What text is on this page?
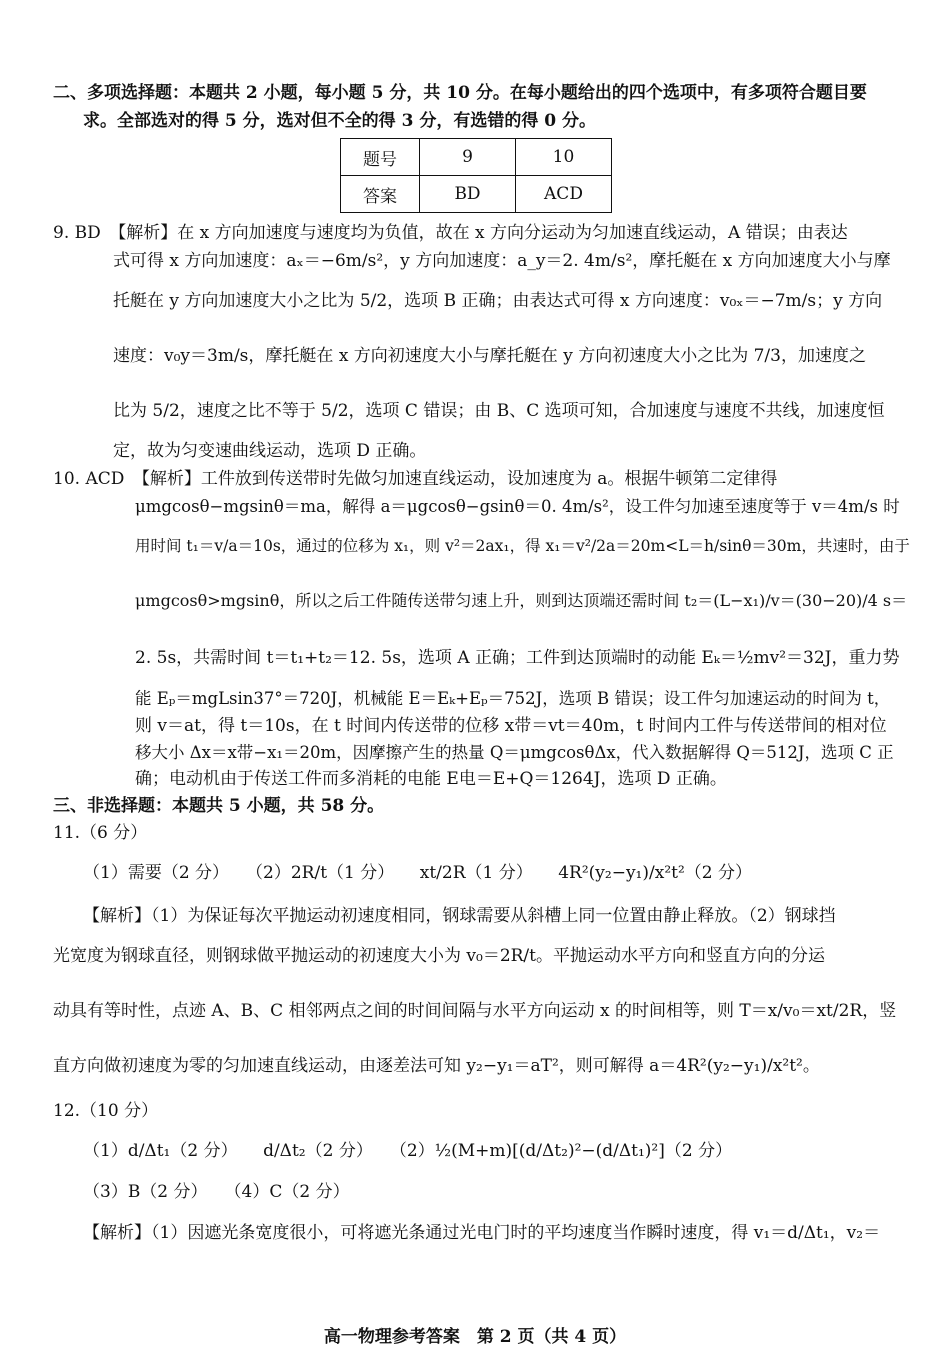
二、多项选择题：本题共 2 小题，每小题 5 分，共 10 分。在每小题给出的四个选项中，有多项符合题目要
求。全部选对的得 5 分，选对但不全的得 3 分，有选错的得 0 分。
题号	9	10
答案	BD	ACD
9. BD　【解析】在 x 方向加速度与速度均为负值，故在 x 方向分运动为匀加速直线运动，A 错误；由表达
式可得 x 方向加速度：aₓ＝−6m/s²，y 方向加速度：a_y＝2. 4m/s²，摩托艇在 x 方向加速度大小与摩
托艇在 y 方向加速度大小之比为 5/2，选项 B 正确；由表达式可得 x 方向速度：v₀ₓ＝−7m/s；y 方向
速度：v₀y＝3m/s，摩托艇在 x 方向初速度大小与摩托艇在 y 方向初速度大小之比为 7/3，加速度之
比为 5/2，速度之比不等于 5/2，选项 C 错误；由 B、C 选项可知，合加速度与速度不共线，加速度恒
定，故为匀变速曲线运动，选项 D 正确。
10. ACD　【解析】工件放到传送带时先做匀加速直线运动，设加速度为 a。根据牛顿第二定律得
μmgcosθ−mgsinθ＝ma，解得 a＝μgcosθ−gsinθ＝0. 4m/s²，设工件匀加速至速度等于 v＝4m/s 时
用时间 t₁＝v/a＝10s，通过的位移为 x₁，则 v²＝2ax₁，得 x₁＝v²/2a＝20m<L＝h/sinθ＝30m，共速时，由于
μmgcosθ>mgsinθ，所以之后工件随传送带匀速上升，则到达顶端还需时间 t₂＝(L−x₁)/v＝(30−20)/4 s＝
2. 5s，共需时间 t＝t₁+t₂＝12. 5s，选项 A 正确；工件到达顶端时的动能 Eₖ＝½mv²＝32J，重力势
能 Eₚ＝mgLsin37°＝720J，机械能 E＝Eₖ+Eₚ＝752J，选项 B 错误；设工件匀加速运动的时间为 t，
则 v＝at，得 t＝10s，在 t 时间内传送带的位移 x带＝vt＝40m，t 时间内工件与传送带间的相对位
移大小 Δx＝x带−x₁＝20m，因摩擦产生的热量 Q＝μmgcosθΔx，代入数据解得 Q＝512J，选项 C 正
确；电动机由于传送工件而多消耗的电能 E电＝E+Q＝1264J，选项 D 正确。
三、非选择题：本题共 5 小题，共 58 分。
11.（6 分）
（1）需要（2 分）　　（2）2R/t（1 分）　　xt/2R（1 分）　　4R²(y₂−y₁)/x²t²（2 分）
【解析】（1）为保证每次平抛运动初速度相同，钢球需要从斜槽上同一位置由静止释放。（2）钢球挡
光宽度为钢球直径，则钢球做平抛运动的初速度大小为 v₀＝2R/t。平抛运动水平方向和竖直方向的分运
动具有等时性，点迹 A、B、C 相邻两点之间的时间间隔与水平方向运动 x 的时间相等，则 T＝x/v₀＝xt/2R，竖
直方向做初速度为零的匀加速直线运动，由逐差法可知 y₂−y₁＝aT²，则可解得 a＝4R²(y₂−y₁)/x²t²。
12.（10 分）
（1）d/Δt₁（2 分）　　d/Δt₂（2 分）　　（2）½(M+m)[(d/Δt₂)²−(d/Δt₁)²]（2 分）
（3）B（2 分）　　（4）C（2 分）
【解析】（1）因遮光条宽度很小，可将遮光条通过光电门时的平均速度当作瞬时速度，得 v₁＝d/Δt₁，v₂＝
高一物理参考答案　第 2 页（共 4 页）
